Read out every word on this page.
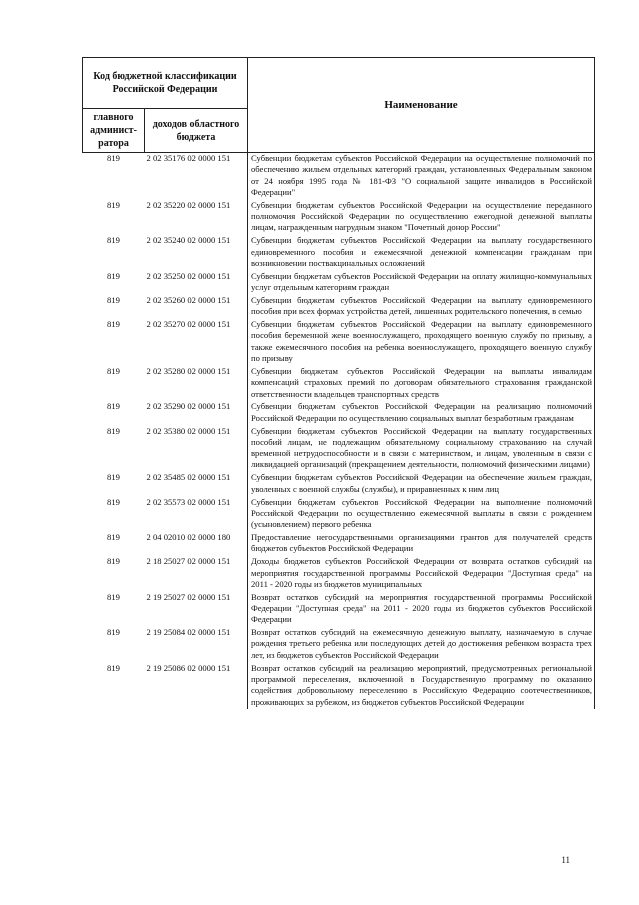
Код бюджетной классификации Российской Федерации		Наименование
главного админист-ратора	доходов областного бюджета	
819	2 02 35176 02 0000 151	Субвенции бюджетам субъектов Российской Федерации на осуществление полномочий по обеспечению жильем отдельных категорий граждан, установленных Федеральным законом от 24 ноября 1995 года № 181-ФЗ "О социальной защите инвалидов в Российской Федерации"
819	2 02 35220 02 0000 151	Субвенции бюджетам субъектов Российской Федерации на осуществление переданного полномочия Российской Федерации по осуществлению ежегодной денежной выплаты лицам, награжденным нагрудным знаком "Почетный донор России"
819	2 02 35240 02 0000 151	Субвенции бюджетам субъектов Российской Федерации на выплату государственного единовременного пособия и ежемесячной денежной компенсации гражданам при возникновении поствакцинальных осложнений
819	2 02 35250 02 0000 151	Субвенции бюджетам субъектов Российской Федерации на оплату жилищно-коммунальных услуг отдельным категориям граждан
819	2 02 35260 02 0000 151	Субвенции бюджетам субъектов Российской Федерации на выплату единовременного пособия при всех формах устройства детей, лишенных родительского попечения, в семью
819	2 02 35270 02 0000 151	Субвенции бюджетам субъектов Российской Федерации на выплату единовременного пособия беременной жене военнослужащего, проходящего военную службу по призыву, а также ежемесячного пособия на ребенка военнослужащего, проходящего военную службу по призыву
819	2 02 35280 02 0000 151	Субвенции бюджетам субъектов Российской Федерации на выплаты инвалидам компенсаций страховых премий по договорам обязательного страхования гражданской ответственности владельцев транспортных средств
819	2 02 35290 02 0000 151	Субвенции бюджетам субъектов Российской Федерации на реализацию полномочий Российской Федерации по осуществлению социальных выплат безработным гражданам
819	2 02 35380 02 0000 151	Субвенции бюджетам субъектов Российской Федерации на выплату государственных пособий лицам, не подлежащим обязательному социальному страхованию на случай временной нетрудоспособности и в связи с материнством, и лицам, уволенным в связи с ликвидацией организаций (прекращением деятельности, полномочий физическими лицами)
819	2 02 35485 02 0000 151	Субвенции бюджетам субъектов Российской Федерации на обеспечение жильем граждан, уволенных с военной службы (службы), и приравненных к ним лиц
819	2 02 35573 02 0000 151	Субвенции бюджетам субъектов Российской Федерации на выполнение полномочий Российской Федерации по осуществлению ежемесячной выплаты в связи с рождением (усыновлением) первого ребенка
819	2 04 02010 02 0000 180	Предоставление негосударственными организациями грантов для получателей средств бюджетов субъектов Российской Федерации
819	2 18 25027 02 0000 151	Доходы бюджетов субъектов Российской Федерации от возврата остатков субсидий на мероприятия государственной программы Российской Федерации "Доступная среда" на 2011 - 2020 годы из бюджетов муниципальных
819	2 19 25027 02 0000 151	Возврат остатков субсидий на мероприятия государственной программы Российской Федерации "Доступная среда" на 2011 - 2020 годы из бюджетов субъектов Российской Федерации
819	2 19 25084 02 0000 151	Возврат остатков субсидий на ежемесячную денежную выплату, назначаемую в случае рождения третьего ребенка или последующих детей до достижения ребенком возраста трех лет, из бюджетов субъектов Российской Федерации
819	2 19 25086 02 0000 151	Возврат остатков субсидий на реализацию мероприятий, предусмотренных региональной программой переселения, включенной в Государственную программу по оказанию содействия добровольному переселению в Российскую Федерацию соотечественников, проживающих за рубежом, из бюджетов субъектов Российской Федерации
11
